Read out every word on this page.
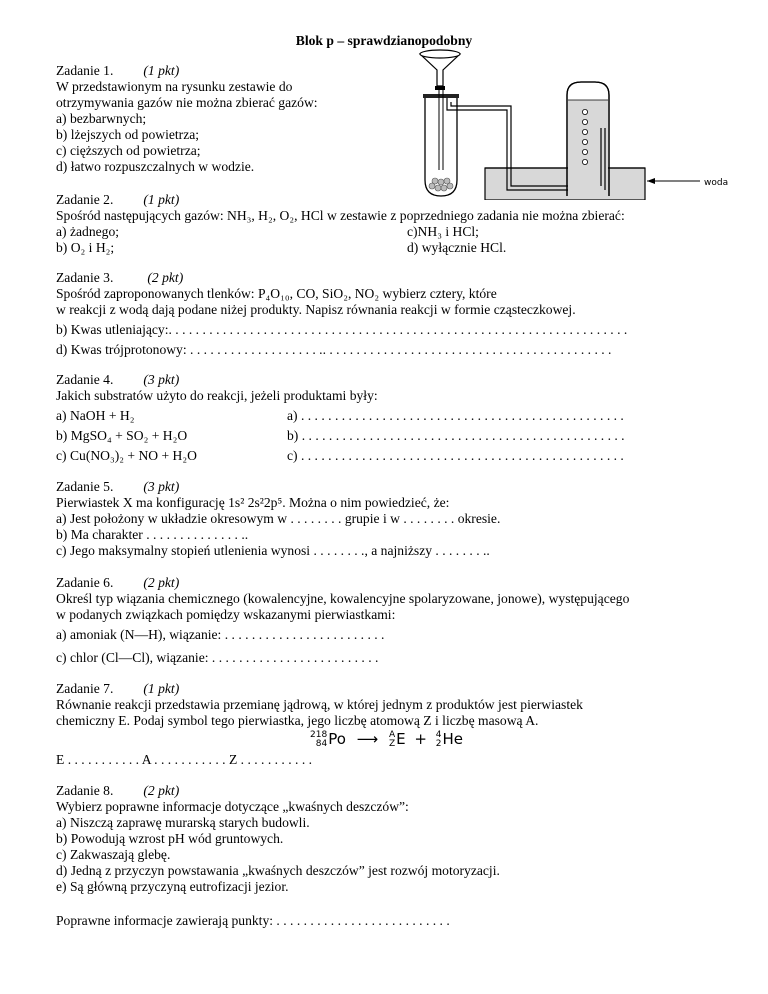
Blok p – sprawdzianopodobny
Zadanie 1. (1 pkt)
W przedstawionym na rysunku zestawie do
otrzymywania gazów nie można zbierać gazów:
a) bezbarwnych;
b) lżejszych od powietrza;
c) cięższych od powietrza;
d) łatwo rozpuszczalnych w wodzie.
woda
Zadanie 2. (1 pkt)
Spośród następujących gazów: NH₃, H₂, O₂, HCl w zestawie z poprzedniego zadania nie można zbierać:
a) żadnego;	c)NH₃ i HCl;
b) O₂ i H₂;	d) wyłącznie HCl.
Zadanie 3.	(2 pkt)
Spośród zaproponowanych tlenków: P₄O₁₀, CO, SiO₂, NO₂ wybierz cztery, które
w reakcji z wodą dają podane niżej produkty. Napisz równania reakcji w formie cząsteczkowej.
b) Kwas utleniający:. . . . . . . . . . . . . . . . . . . . . . . . . . . . . . . . . . . . . . . . . . . . . . . . . . . . . . . . . . . . . . . . . . . .
d) Kwas trójprotonowy: . . . . . . . . . . . . . . . . . . . .. . . . . . . . . . . . . . . . . . . . . . . . . . . . . . . . . . . . . . . . . . .
Zadanie 4. (3 pkt)
Jakich substratów użyto do reakcji, jeżeli produktami były:
a) NaOH + H₂	a) . . . . . . . . . . . . . . . . . . . . . . . . . . . . . . . . . . . . . . . . . . . . . . . .
b) MgSO₄ + SO₂ + H₂O	b) . . . . . . . . . . . . . . . . . . . . . . . . . . . . . . . . . . . . . . . . . . . . . . . .
c) Cu(NO₃)₂ + NO + H₂O	c) . . . . . . . . . . . . . . . . . . . . . . . . . . . . . . . . . . . . . . . . . . . . . . . .
Zadanie 5. (3 pkt)
Pierwiastek X ma konfigurację 1s² 2s²2p⁵. Można o nim powiedzieć, że:
a) Jest położony w układzie okresowym w . . . . . . . . grupie i w . . . . . . . . okresie.
b) Ma charakter . . . . . . . . . . . . . . ..
c) Jego maksymalny stopień utlenienia wynosi . . . . . . . ., a najniższy . . . . . . . ..
Zadanie 6. (2 pkt)
Określ typ wiązania chemicznego (kowalencyjne, kowalencyjne spolaryzowane, jonowe), występującego
w podanych związkach pomiędzy wskazanymi pierwiastkami:
a) amoniak (N—H), wiązanie: . . . . . . . . . . . . . . . . . . . . . . . .
c) chlor (Cl—Cl), wiązanie: . . . . . . . . . . . . . . . . . . . . . . . . .
Zadanie 7. (1 pkt)
Równanie reakcji przedstawia przemianę jądrową, w której jednym z produktów jest pierwiastek
chemiczny E. Podaj symbol tego pierwiastka, jego liczbę atomową Z i liczbę masową A.
218
84Po ⟶ A
ZE + 4
2He
E . . . . . . . . . . . A . . . . . . . . . . . Z . . . . . . . . . . .
Zadanie 8. (2 pkt)
Wybierz poprawne informacje dotyczące „kwaśnych deszczów”:
a) Niszczą zaprawę murarską starych budowli.
b) Powodują wzrost pH wód gruntowych.
c) Zakwaszają glebę.
d) Jedną z przyczyn powstawania „kwaśnych deszczów” jest rozwój motoryzacji.
e) Są główną przyczyną eutrofizacji jezior.
Poprawne informacje zawierają punkty: . . . . . . . . . . . . . . . . . . . . . . . . . .
